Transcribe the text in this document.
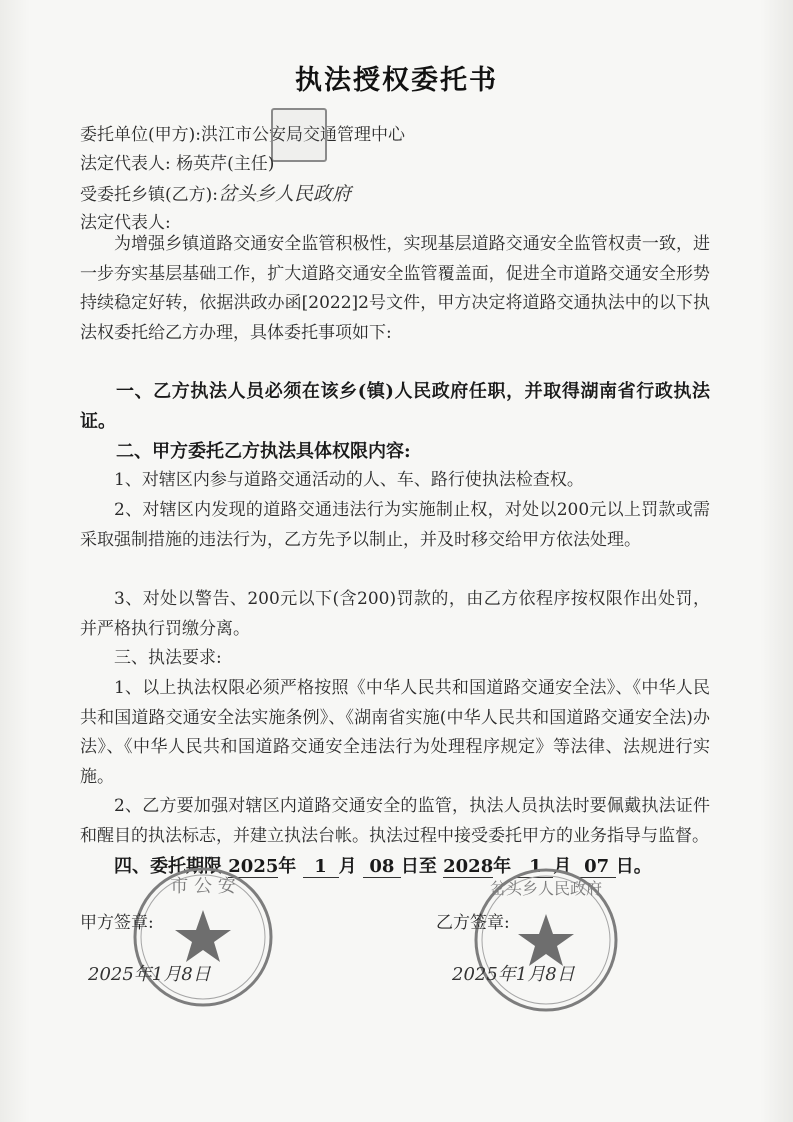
执法授权委托书
委托单位(甲方):洪江市公安局交通管理中心
法定代表人: 杨英芹(主任)
受委托乡镇(乙方):岔头乡人民政府
法定代表人:
为增强乡镇道路交通安全监管积极性，实现基层道路交通安全监管权责一致，进一步夯实基层基础工作，扩大道路交通安全监管覆盖面，促进全市道路交通安全形势持续稳定好转，依据洪政办函[2022]2号文件，甲方决定将道路交通执法中的以下执法权委托给乙方办理，具体委托事项如下:
一、乙方执法人员必须在该乡(镇)人民政府任职，并取得湖南省行政执法证。
二、甲方委托乙方执法具体权限内容:
1、对辖区内参与道路交通活动的人、车、路行使执法检查权。
2、对辖区内发现的道路交通违法行为实施制止权，对处以200元以上罚款或需采取强制措施的违法行为，乙方先予以制止，并及时移交给甲方依法处理。
3、对处以警告、200元以下(含200)罚款的，由乙方依程序按权限作出处罚，并严格执行罚缴分离。
三、执法要求:
1、以上执法权限必须严格按照《中华人民共和国道路交通安全法》、《中华人民共和国道路交通安全法实施条例》、《湖南省实施(中华人民共和国道路交通安全法)办法》、《中华人民共和国道路交通安全违法行为处理程序规定》等法律、法规进行实施。
2、乙方要加强对辖区内道路交通安全的监管，执法人员执法时要佩戴执法证件和醒目的执法标志，并建立执法台帐。执法过程中接受委托甲方的业务指导与监督。
四、委托期限 2025年 1 月 08 日至 2028年 1 月 07 日。
市 公 安	岔头乡人民政府
甲方签章:	乙方签章:
2025年1月8日	2025年1月8日
